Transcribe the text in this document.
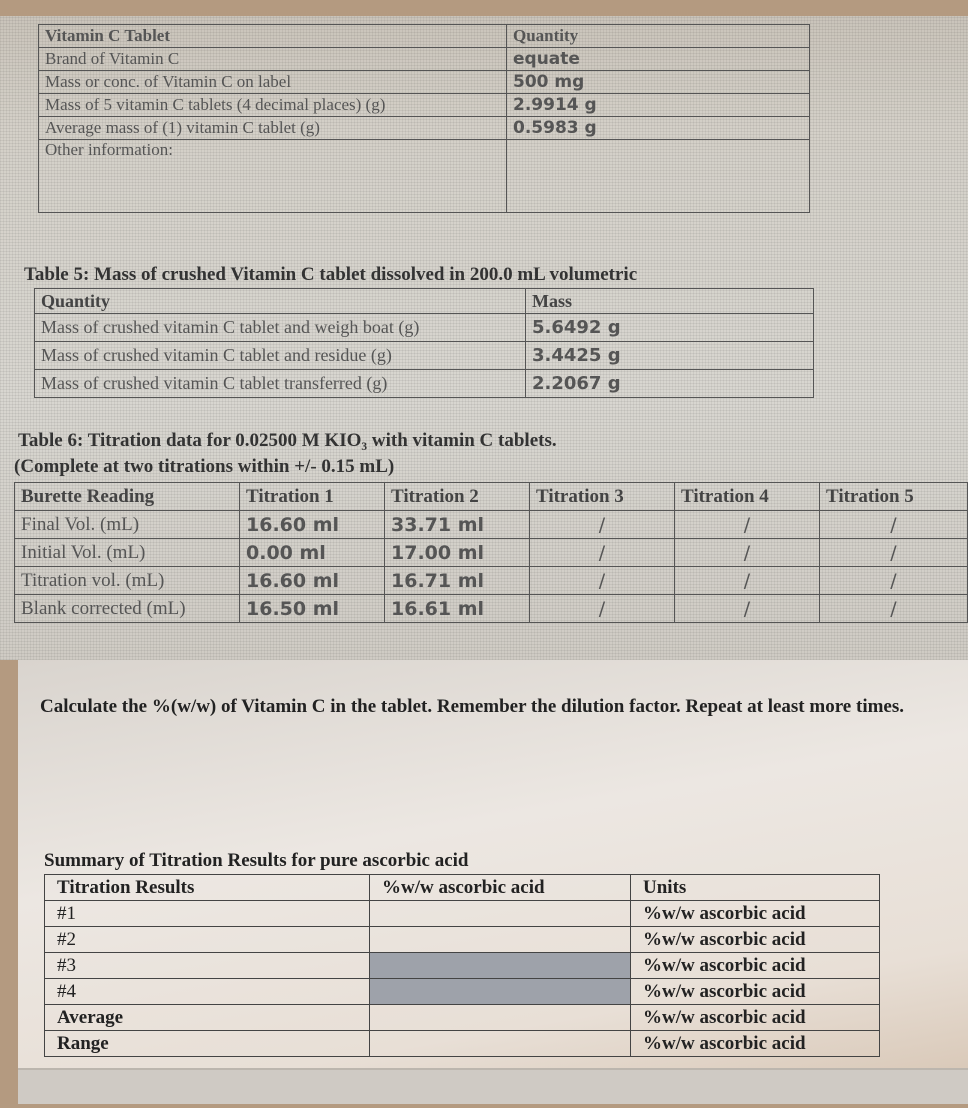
Vitamin C Tablet	Quantity
Brand of Vitamin C	equate
Mass or conc. of Vitamin C on label	500 mg
Mass of 5 vitamin C tablets (4 decimal places) (g)	2.9914 g
Average mass of (1) vitamin C tablet (g)	0.5983 g
Other information:	
Table 5: Mass of crushed Vitamin C tablet dissolved in 200.0 mL volumetric
Quantity	Mass
Mass of crushed vitamin C tablet and weigh boat (g)	5.6492 g
Mass of crushed vitamin C tablet and residue (g)	3.4425 g
Mass of crushed vitamin C tablet transferred (g)	2.2067 g
Table 6: Titration data for 0.02500 M KIO₃ with vitamin C tablets.
(Complete at two titrations within +/- 0.15 mL)
Burette Reading	Titration 1	Titration 2	Titration 3	Titration 4	Titration 5
Final Vol. (mL)	16.60 ml	33.71 ml	/	/	/
Initial Vol. (mL)	0.00 ml	17.00 ml	/	/	/
Titration vol. (mL)	16.60 ml	16.71 ml	/	/	/
Blank corrected (mL)	16.50 ml	16.61 ml	/	/	/
Calculate the %(w/w) of Vitamin C in the tablet. Remember the dilution factor. Repeat at least more times.
Summary of Titration Results for pure ascorbic acid
Titration Results	%w/w ascorbic acid	Units
#1		%w/w ascorbic acid
#2		%w/w ascorbic acid
#3		%w/w ascorbic acid
#4		%w/w ascorbic acid
Average		%w/w ascorbic acid
Range		%w/w ascorbic acid
